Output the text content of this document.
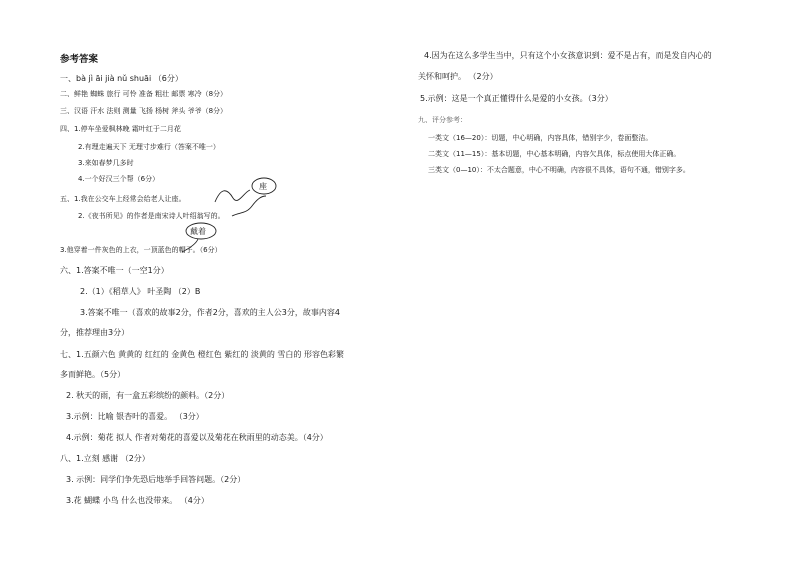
参考答案
一、bà jì āi jià nǔ shuāi （6分）
二、鲜艳 蜘蛛 旅行 可怜 准备 粗壮 邮票 寒冷（8分）
三、汉语 汗水 法则 测量 飞扬 杨树 斧头 爷爷（8分）
四、1.停车坐爱枫林晚 霜叶红于二月花
2.有理走遍天下 无理寸步难行（答案不唯一）
3.来如春梦几多时
4.一个好汉三个帮（6分）
五、1.我在公交车上经常会给老人让座。
2.《夜书所见》的作者是南宋诗人叶绍翁写的。
3.他穿着一件灰色的上衣，一顶蓝色的帽子。（6分）
六、1.答案不唯一（一空1分）
2.（1）《稻草人》 叶圣陶 （2）B
3.答案不唯一（喜欢的故事2分，作者2分，喜欢的主人公3分，故事内容4
分，推荐理由3分）
七、1.五颜六色 黄黄的 红红的 金黄色 橙红色 紫红的 淡黄的 雪白的 形容色彩繁
多而鲜艳。（5分）
2. 秋天的雨，有一盒五彩缤纷的颜料。（2分）
3.示例：比喻 银杏叶的喜爱。 （3分）
4.示例：菊花 拟人 作者对菊花的喜爱以及菊花在秋雨里的动态美。（4分）
八、1.立刻 感谢 （2分）
3. 示例：同学们争先恐后地举手回答问题。（2分）
3.花 蝴蝶 小鸟 什么也没带来。 （4分）
4.因为在这么多学生当中，只有这个小女孩意识到：爱不是占有，而是发自内心的
关怀和呵护。 （2分）
5.示例：这是一个真正懂得什么是爱的小女孩。（3分）
九、评分参考：
一类文（16—20）：切题，中心明确，内容具体，错别字少，卷面整洁。
二类文（11—15）：基本切题，中心基本明确，内容欠具体，标点使用大体正确。
三类文（0—10）：不太合题意，中心不明确，内容很不具体，语句不通，错别字多。
座
戴着
